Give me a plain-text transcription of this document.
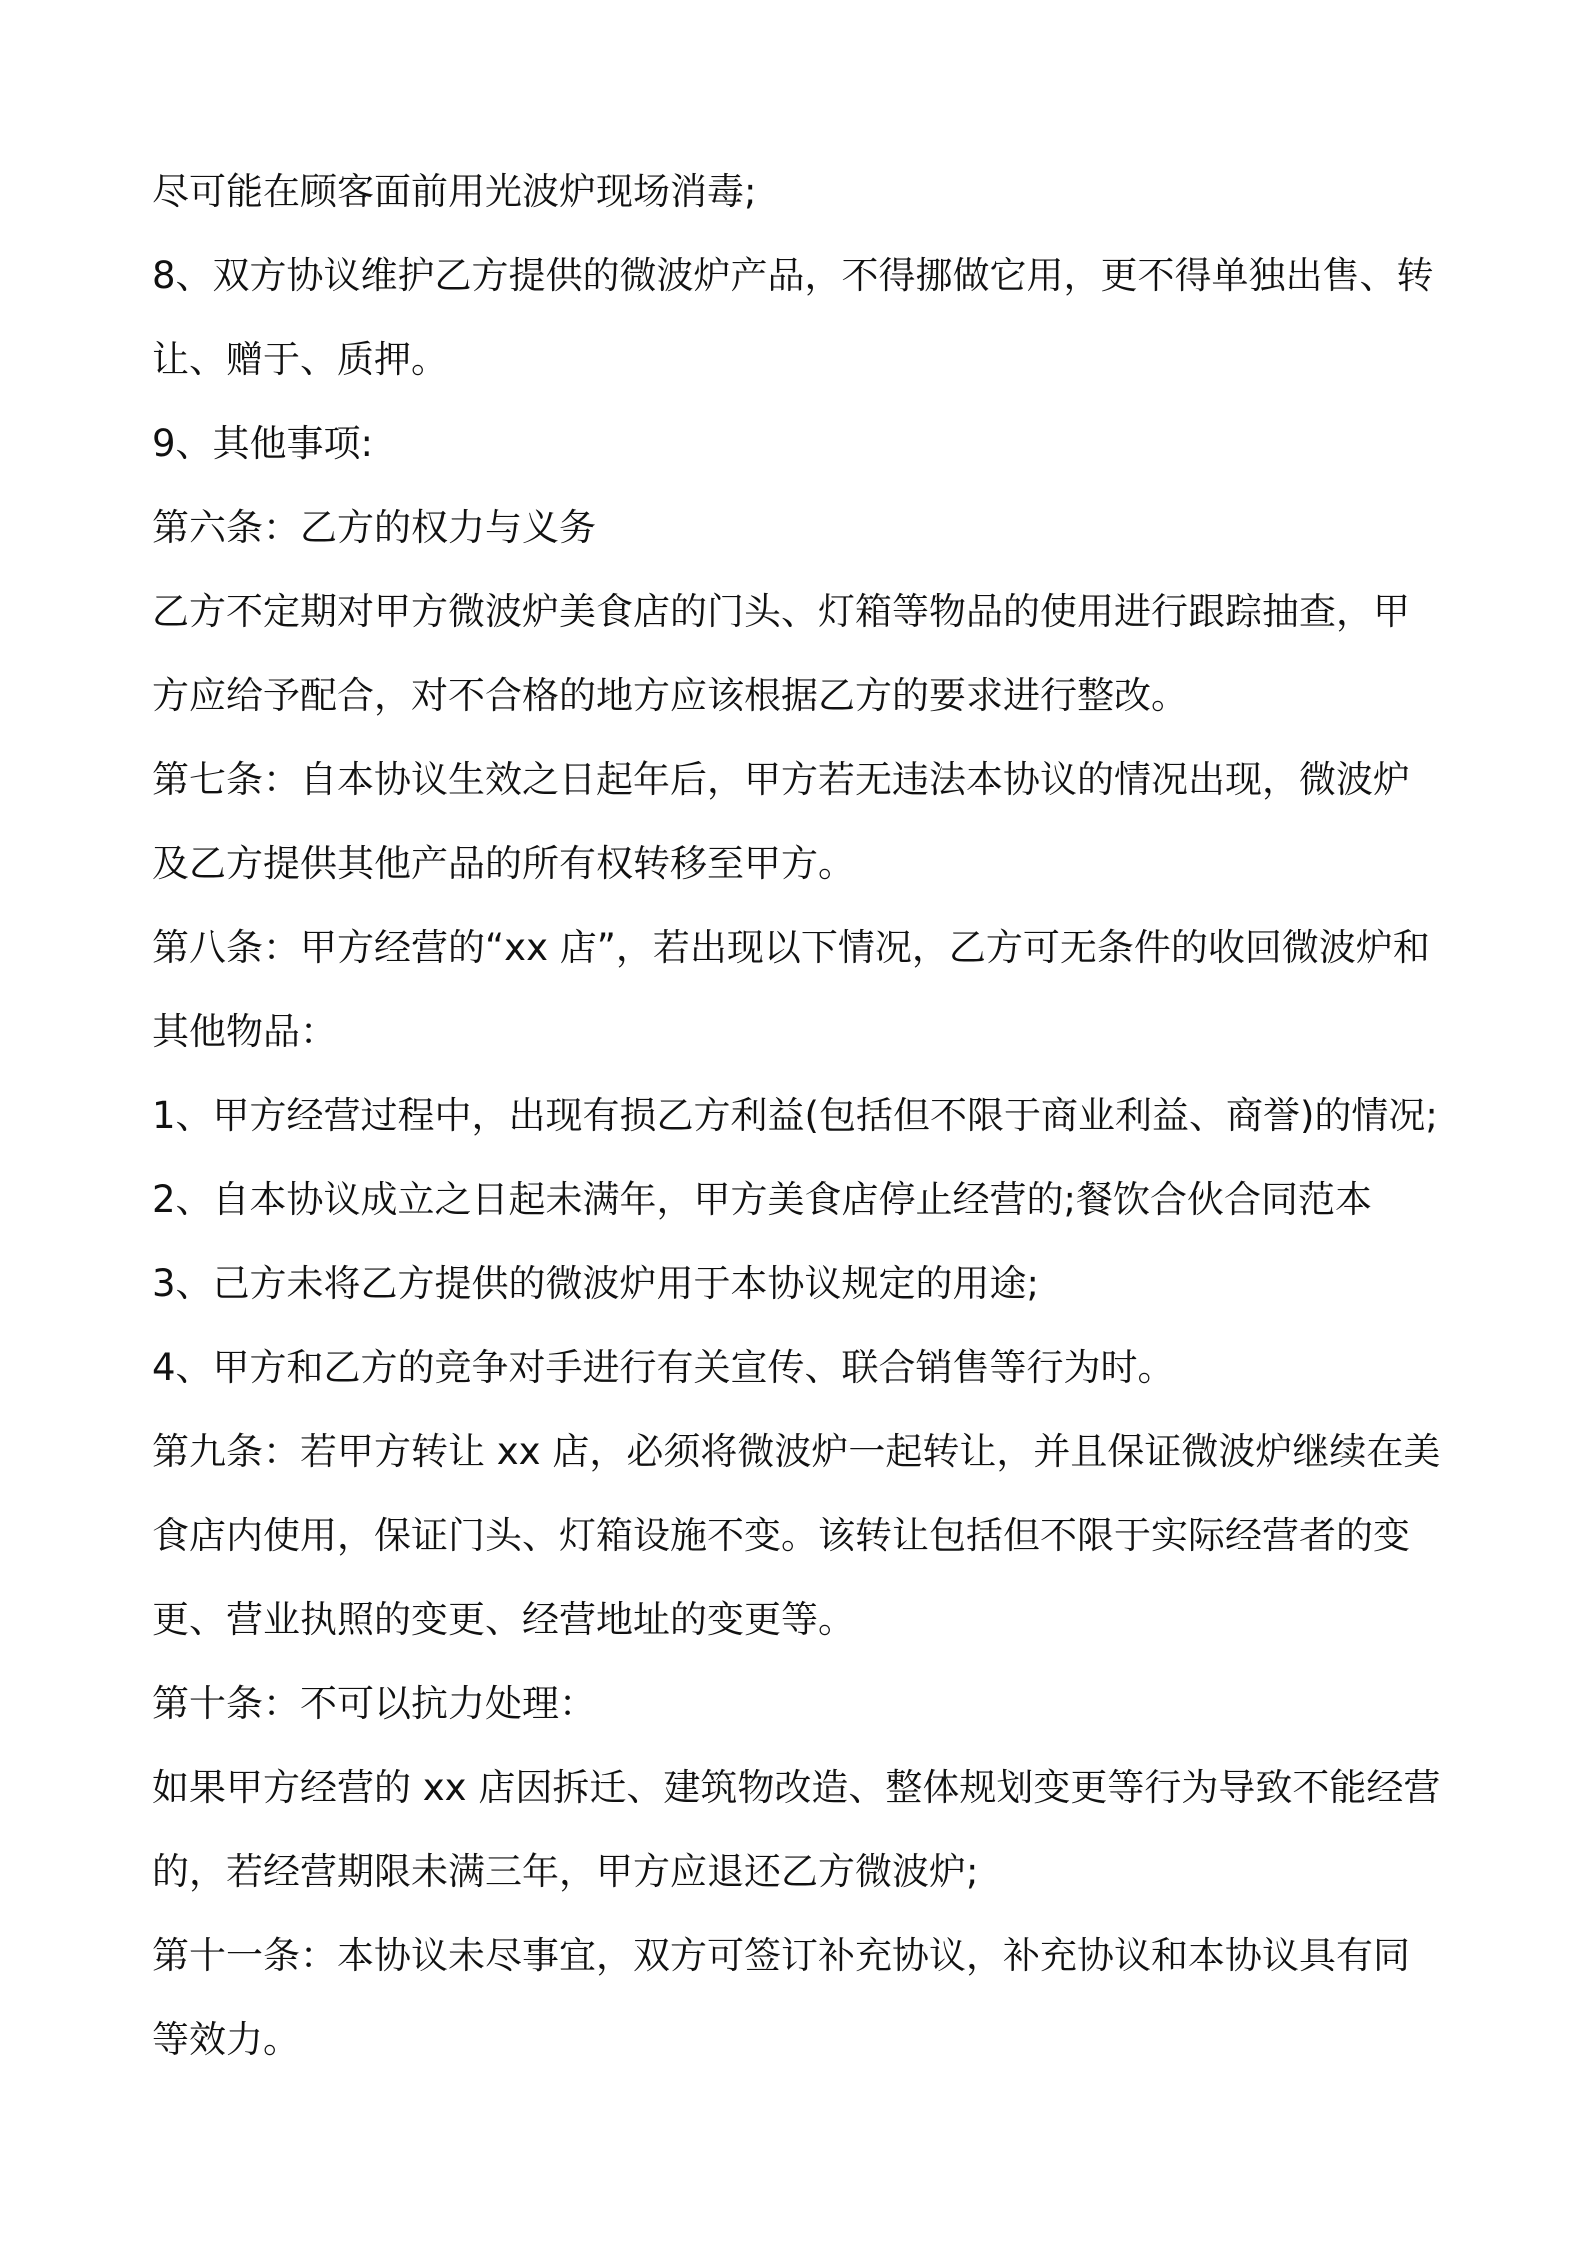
尽可能在顾客面前用光波炉现场消毒;
8、双方协议维护乙方提供的微波炉产品，不得挪做它用，更不得单独出售、转
让、赠于、质押。
9、其他事项:
第六条：乙方的权力与义务
乙方不定期对甲方微波炉美食店的门头、灯箱等物品的使用进行跟踪抽查，甲
方应给予配合，对不合格的地方应该根据乙方的要求进行整改。
第七条：自本协议生效之日起年后，甲方若无违法本协议的情况出现，微波炉
及乙方提供其他产品的所有权转移至甲方。
第八条：甲方经营的“xx 店”，若出现以下情况，乙方可无条件的收回微波炉和
其他物品：
1、甲方经营过程中，出现有损乙方利益(包括但不限于商业利益、商誉)的情况;
2、自本协议成立之日起未满年，甲方美食店停止经营的;餐饮合伙合同范本
3、己方未将乙方提供的微波炉用于本协议规定的用途;
4、甲方和乙方的竞争对手进行有关宣传、联合销售等行为时。
第九条：若甲方转让 xx 店，必须将微波炉一起转让，并且保证微波炉继续在美
食店内使用，保证门头、灯箱设施不变。该转让包括但不限于实际经营者的变
更、营业执照的变更、经营地址的变更等。
第十条：不可以抗力处理：
如果甲方经营的 xx 店因拆迁、建筑物改造、整体规划变更等行为导致不能经营
的，若经营期限未满三年，甲方应退还乙方微波炉;
第十一条：本协议未尽事宜，双方可签订补充协议，补充协议和本协议具有同
等效力。
